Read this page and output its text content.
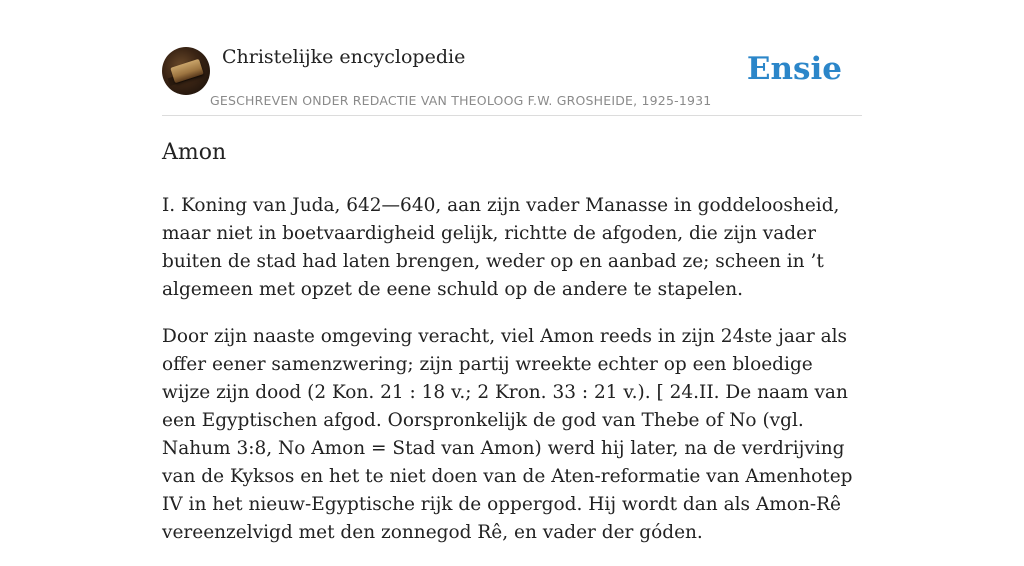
Christelijke encyclopedie
GESCHREVEN ONDER REDACTIE VAN THEOLOOG F.W. GROSHEIDE, 1925-1931
Ensie
Amon

I. Koning van Juda, 642—640, aan zijn vader Manasse in goddeloosheid, maar niet in boetvaardigheid gelijk, richtte de afgoden, die zijn vader buiten de stad had laten brengen, weder op en aanbad ze; scheen in ’t algemeen met opzet de eene schuld op de andere te stapelen.

Door zijn naaste omgeving veracht, viel Amon reeds in zijn 24ste jaar als offer eener samenzwering; zijn partij wreekte echter op een bloedige wijze zijn dood (2 Kon. 21 : 18 v.; 2 Kron. 33 : 21 v.). [ 24.II. De naam van een Egyptischen afgod. Oorspronkelijk de god van Thebe of No (vgl. Nahum 3:8, No Amon = Stad van Amon) werd hij later, na de verdrijving van de Kyksos en het te niet doen van de Aten-reformatie van Amenhotep IV in het nieuw-Egyptische rijk de oppergod. Hij wordt dan als Amon-Rê vereenzelvigd met den zonnegod Rê, en vader der góden.
